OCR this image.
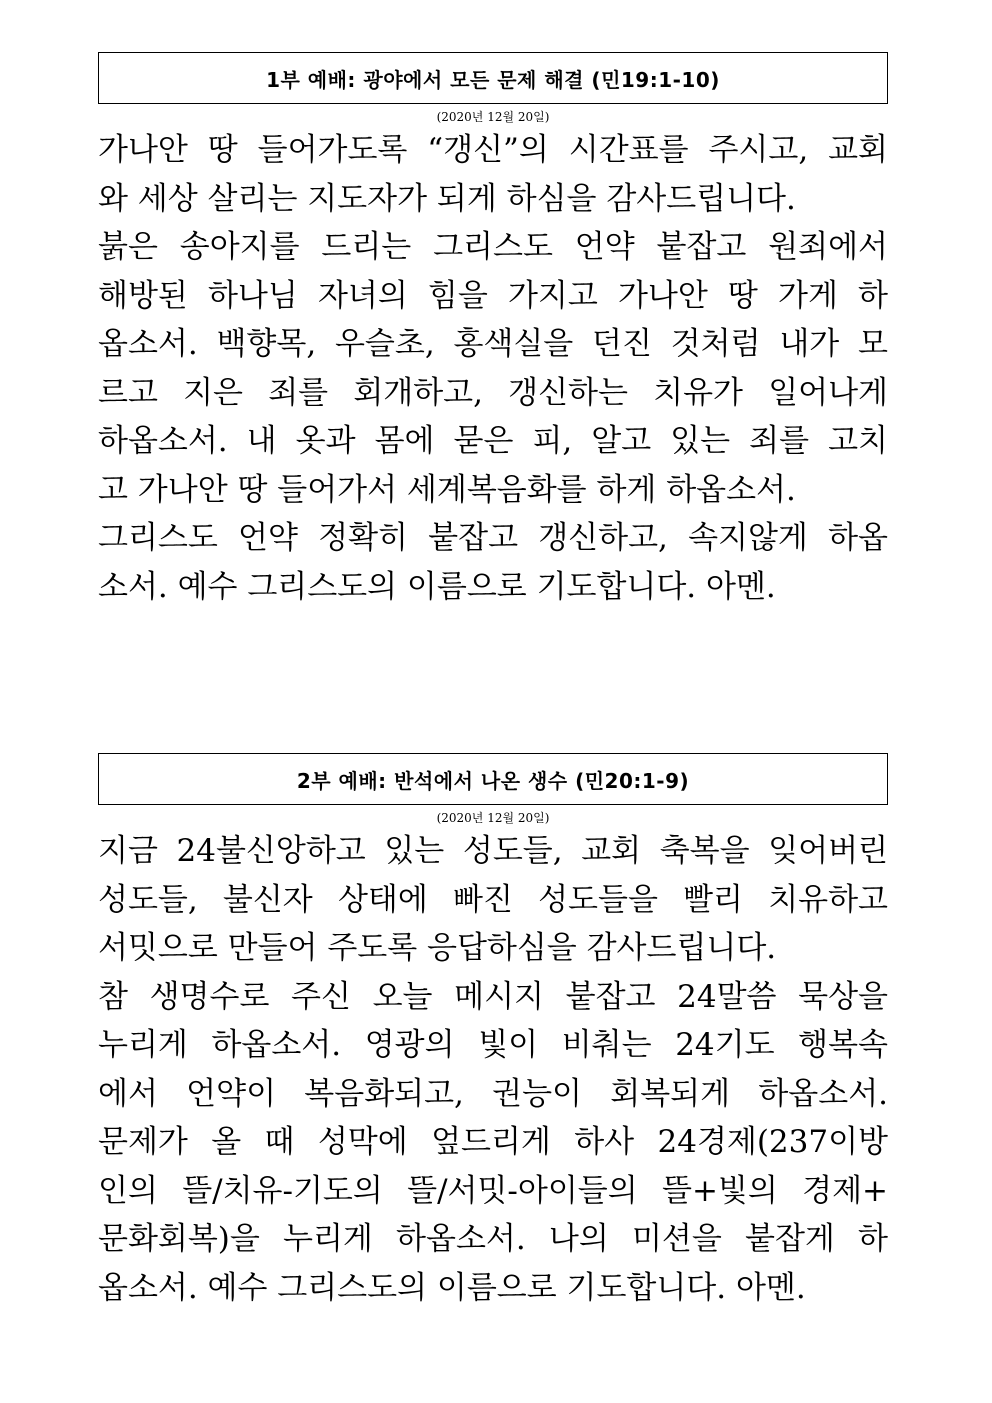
1부 예배: 광야에서 모든 문제 해결 (민19:1-10)
(2020년 12월 20일)
가나안 땅 들어가도록 “갱신”의 시간표를 주시고, 교회
와 세상 살리는 지도자가 되게 하심을 감사드립니다.
붉은 송아지를 드리는 그리스도 언약 붙잡고 원죄에서
해방된 하나님 자녀의 힘을 가지고 가나안 땅 가게 하
옵소서. 백향목, 우슬초, 홍색실을 던진 것처럼 내가 모
르고 지은 죄를 회개하고, 갱신하는 치유가 일어나게
하옵소서. 내 옷과 몸에 묻은 피, 알고 있는 죄를 고치
고 가나안 땅 들어가서 세계복음화를 하게 하옵소서.
그리스도 언약 정확히 붙잡고 갱신하고, 속지않게 하옵
소서. 예수 그리스도의 이름으로 기도합니다. 아멘.
2부 예배: 반석에서 나온 생수 (민20:1-9)
(2020년 12월 20일)
지금 24불신앙하고 있는 성도들, 교회 축복을 잊어버린
성도들, 불신자 상태에 빠진 성도들을 빨리 치유하고
서밋으로 만들어 주도록 응답하심을 감사드립니다.
참 생명수로 주신 오늘 메시지 붙잡고 24말씀 묵상을
누리게 하옵소서. 영광의 빛이 비춰는 24기도 행복속
에서 언약이 복음화되고, 권능이 회복되게 하옵소서.
문제가 올 때 성막에 엎드리게 하사 24경제(237이방
인의 뜰/치유-기도의 뜰/서밋-아이들의 뜰+빛의 경제+
문화회복)을 누리게 하옵소서. 나의 미션을 붙잡게 하
옵소서. 예수 그리스도의 이름으로 기도합니다. 아멘.
